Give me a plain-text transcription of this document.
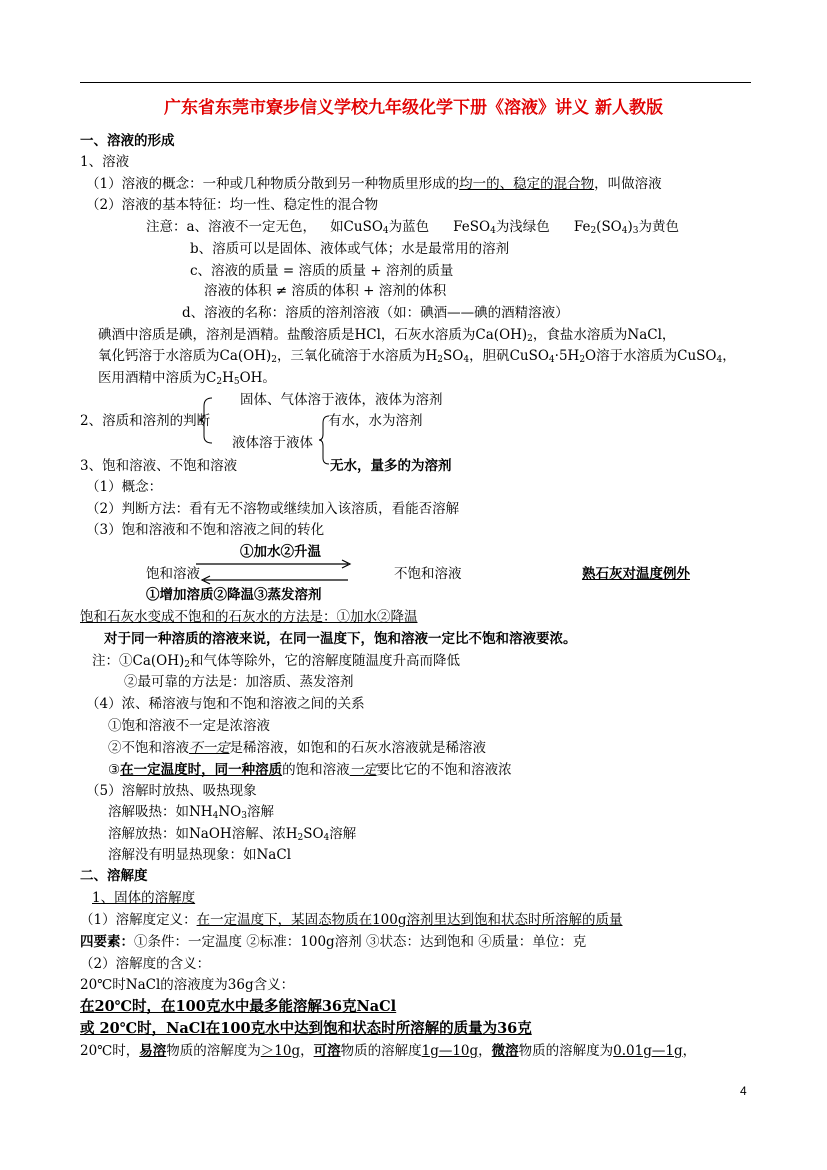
广东省东莞市寮步信义学校九年级化学下册《溶液》讲义 新人教版
一、溶液的形成
1、溶液
（1）溶液的概念：一种或几种物质分散到另一种物质里形成的均一的、稳定的混合物，叫做溶液
（2）溶液的基本特征：均一性、稳定性的混合物
注意：a、溶液不一定无色， 如CuSO$_4$为蓝色 FeSO$_4$为浅绿色 $Fe_2(SO_4)_3$为黄色
b、溶质可以是固体、液体或气体；水是最常用的溶剂
c、溶液的质量 = 溶质的质量 + 溶剂的质量
溶液的体积 ≠ 溶质的体积 + 溶剂的体积
d、溶液的名称：溶质的溶剂溶液（如：碘酒——碘的酒精溶液）
碘酒中溶质是碘，溶剂是酒精。盐酸溶质是HCl，石灰水溶质为$Ca(OH)_2$，食盐水溶质为NaCl，
氧化钙溶于水溶质为$Ca(OH)_2$，三氧化硫溶于水溶质为$H_2SO_4$，胆矾$CuSO_4\cdot 5H_2O$溶于水溶质为CuSO$_4$，
医用酒精中溶质为$C_2H_5OH$。
固体、气体溶于液体，液体为溶剂
2、溶质和溶剂的判断	有水，水为溶剂
液体溶于液体
无水，量多的为溶剂
3、饱和溶液、不饱和溶液
（1）概念：
（2）判断方法：看有无不溶物或继续加入该溶质，看能否溶解
（3）饱和溶液和不饱和溶液之间的转化
①加水②升温
饱和溶液	不饱和溶液	熟石灰对温度例外
①增加溶质②降温③蒸发溶剂
饱和石灰水变成不饱和的石灰水的方法是：①加水②降温
对于同一种溶质的溶液来说，在同一温度下，饱和溶液一定比不饱和溶液要浓。
注：$①Ca(OH)_2$和气体等除外，它的溶解度随温度升高而降低
②最可靠的方法是：加溶质、蒸发溶剂
（4）浓、稀溶液与饱和不饱和溶液之间的关系
①饱和溶液不一定是浓溶液
②不饱和溶液不一定是稀溶液，如饱和的石灰水溶液就是稀溶液
③在一定温度时，同一种溶质的饱和溶液一定要比它的不饱和溶液浓
（5）溶解时放热、吸热现象
溶解吸热：如$NH_4NO_3$溶解
溶解放热：如NaOH溶解、浓$H_2SO_4$溶解
溶解没有明显热现象：如NaCl
二、溶解度
1、固体的溶解度
（1）溶解度定义：在一定温度下，某固态物质在100g溶剂里达到饱和状态时所溶解的质量
四要素：①条件：一定温度 ②标准：100g溶剂 ③状态：达到饱和 ④质量：单位：克
（2）溶解度的含义：
20℃时NaCl的溶液度为36g含义：
在20℃时，在100克水中最多能溶解36克NaCl
或 20℃时，NaCl在100克水中达到饱和状态时所溶解的质量为36克
20℃时，易溶物质的溶解度为＞10g，可溶物质的溶解度1g—10g，微溶物质的溶解度为0.01g—1g，
4
